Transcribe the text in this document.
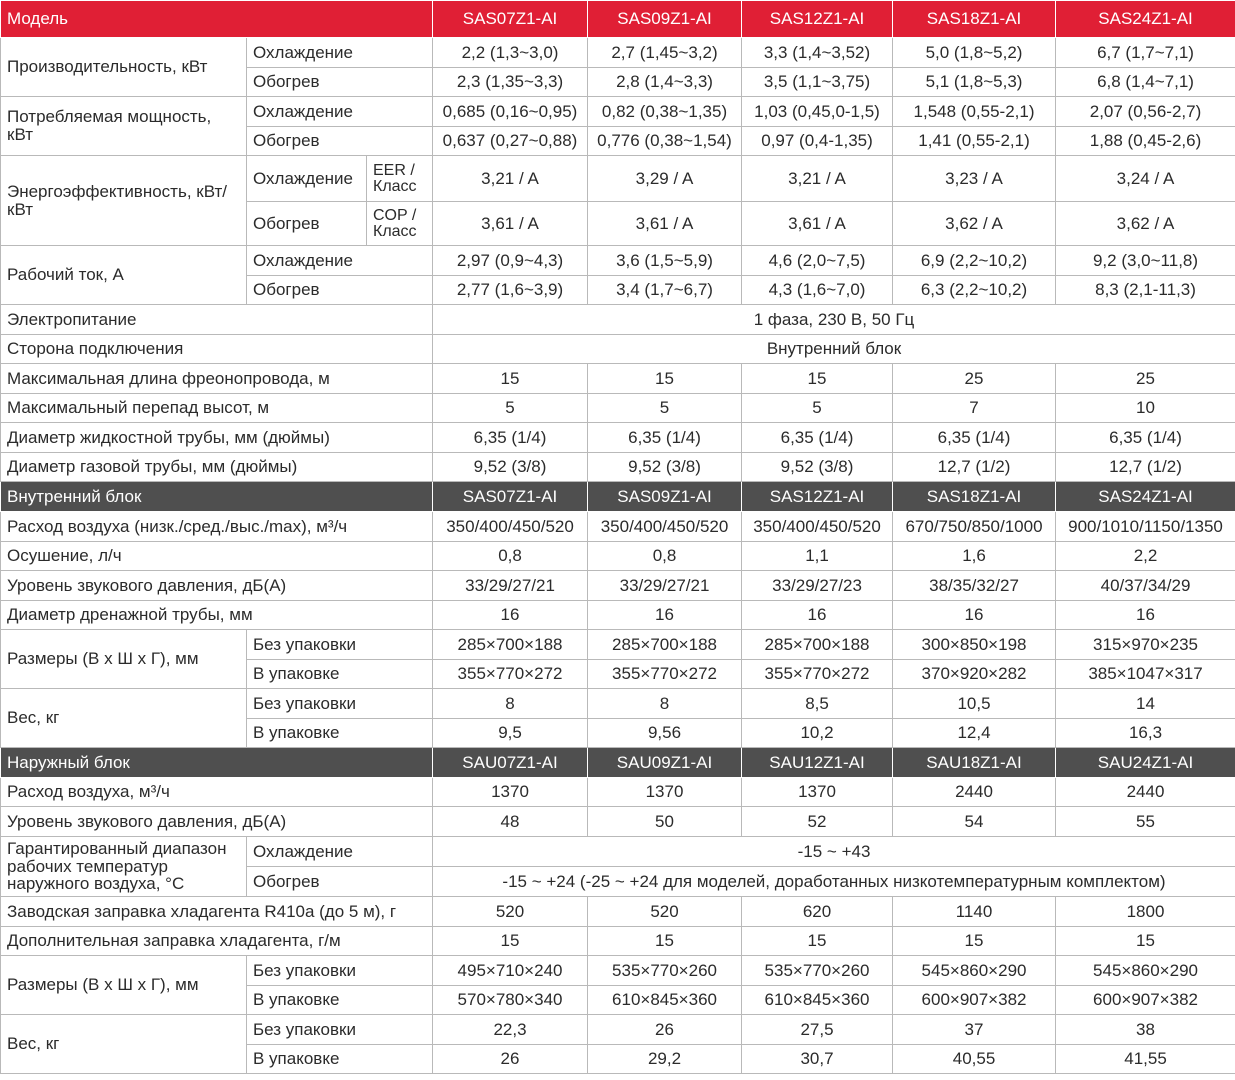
Модель			SAS07Z1-AI	SAS09Z1-AI	SAS12Z1-AI	SAS18Z1-AI	SAS24Z1-AI
Производительность, кВт	Охлаждение		2,2 (1,3~3,0)	2,7 (1,45~3,2)	3,3 (1,4~3,52)	5,0 (1,8~5,2)	6,7 (1,7~7,1)
	Обогрев		2,3 (1,35~3,3)	2,8 (1,4~3,3)	3,5 (1,1~3,75)	5,1 (1,8~5,3)	6,8 (1,4~7,1)
Потребляемая мощность, кВт	Охлаждение		0,685 (0,16~0,95)	0,82 (0,38~1,35)	1,03 (0,45,0-1,5)	1,548 (0,55-2,1)	2,07 (0,56-2,7)
	Обогрев		0,637 (0,27~0,88)	0,776 (0,38~1,54)	0,97 (0,4-1,35)	1,41 (0,55-2,1)	1,88 (0,45-2,6)
Энергоэффективность, кВт/кВт	Охлаждение	EER / Класс	3,21 / A	3,29 / A	3,21 / A	3,23 / A	3,24 / A
	Обогрев	COP / Класс	3,61 / A	3,61 / A	3,61 / A	3,62 / A	3,62 / A
Рабочий ток, А	Охлаждение		2,97 (0,9~4,3)	3,6 (1,5~5,9)	4,6 (2,0~7,5)	6,9 (2,2~10,2)	9,2 (3,0~11,8)
	Обогрев		2,77 (1,6~3,9)	3,4 (1,7~6,7)	4,3 (1,6~7,0)	6,3 (2,2~10,2)	8,3 (2,1-11,3)
Электропитание			1 фаза, 230 В, 50 Гц				
Сторона подключения			Внутренний блок				
Максимальная длина фреонопровода, м			15	15	15	25	25
Максимальный перепад высот, м			5	5	5	7	10
Диаметр жидкостной трубы, мм (дюймы)			6,35 (1/4)	6,35 (1/4)	6,35 (1/4)	6,35 (1/4)	6,35 (1/4)
Диаметр газовой трубы, мм (дюймы)			9,52 (3/8)	9,52 (3/8)	9,52 (3/8)	12,7 (1/2)	12,7 (1/2)
Внутренний блок			SAS07Z1-AI	SAS09Z1-AI	SAS12Z1-AI	SAS18Z1-AI	SAS24Z1-AI
Расход воздуха (низк./сред./выс./max), м³/ч			350/400/450/520	350/400/450/520	350/400/450/520	670/750/850/1000	900/1010/1150/1350
Осушение, л/ч			0,8	0,8	1,1	1,6	2,2
Уровень звукового давления, дБ(А)			33/29/27/21	33/29/27/21	33/29/27/23	38/35/32/27	40/37/34/29
Диаметр дренажной трубы, мм			16	16	16	16	16
Размеры (В x Ш x Г), мм	Без упаковки		285×700×188	285×700×188	285×700×188	300×850×198	315×970×235
	В упаковке		355×770×272	355×770×272	355×770×272	370×920×282	385×1047×317
Вес, кг	Без упаковки		8	8	8,5	10,5	14
	В упаковке		9,5	9,56	10,2	12,4	16,3
Наружный блок			SAU07Z1-AI	SAU09Z1-AI	SAU12Z1-AI	SAU18Z1-AI	SAU24Z1-AI
Расход воздуха, м³/ч			1370	1370	1370	2440	2440
Уровень звукового давления, дБ(А)			48	50	52	54	55
Гарантированный диапазон рабочих температур наружного воздуха, °С	Охлаждение		-15 ~ +43				
	Обогрев		-15 ~ +24 (-25 ~ +24 для моделей, доработанных низкотемпературным комплектом)				
Заводская заправка хладагента R410a (до 5 м), г			520	520	620	1140	1800
Дополнительная заправка хладагента, г/м			15	15	15	15	15
Размеры (В x Ш x Г), мм	Без упаковки		495×710×240	535×770×260	535×770×260	545×860×290	545×860×290
	В упаковке		570×780×340	610×845×360	610×845×360	600×907×382	600×907×382
Вес, кг	Без упаковки		22,3	26	27,5	37	38
	В упаковке		26	29,2	30,7	40,55	41,55
